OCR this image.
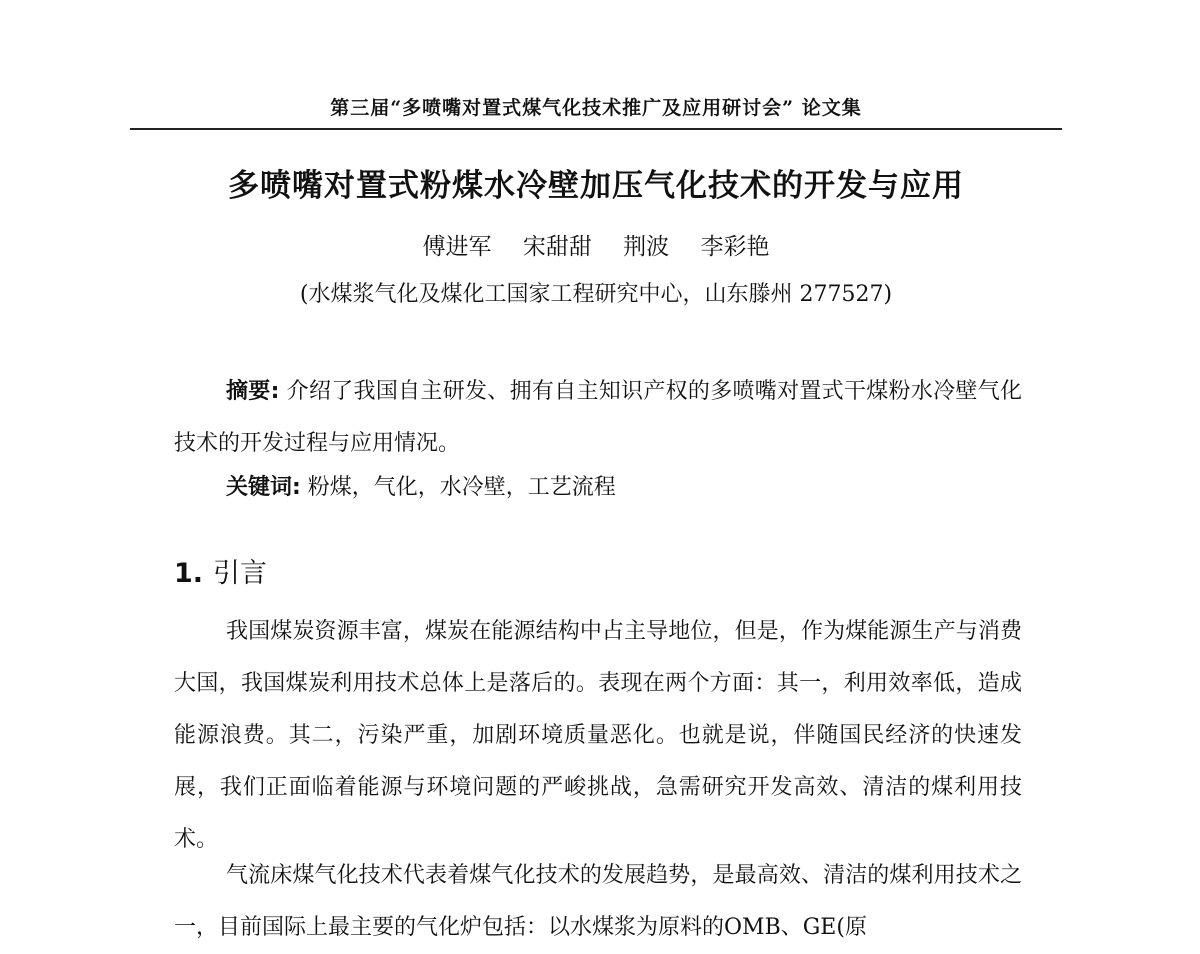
第三届“多喷嘴对置式煤气化技术推广及应用研讨会” 论文集
多喷嘴对置式粉煤水冷壁加压气化技术的开发与应用
傅进军 宋甜甜 荆波 李彩艳
(水煤浆气化及煤化工国家工程研究中心，山东滕州 277527)

摘要: 介绍了我国自主研发、拥有自主知识产权的多喷嘴对置式干煤粉水冷壁气化技术的开发过程与应用情况。

关键词: 粉煤，气化，水冷壁，工艺流程

1. 引言

我国煤炭资源丰富，煤炭在能源结构中占主导地位，但是，作为煤能源生产与消费大国，我国煤炭利用技术总体上是落后的。表现在两个方面：其一，利用效率低，造成能源浪费。其二，污染严重，加剧环境质量恶化。也就是说，伴随国民经济的快速发展，我们正面临着能源与环境问题的严峻挑战，急需研究开发高效、清洁的煤利用技术。

气流床煤气化技术代表着煤气化技术的发展趋势，是最高效、清洁的煤利用技术之一，目前国际上最主要的气化炉包括：以水煤浆为原料的OMB、GE(原
